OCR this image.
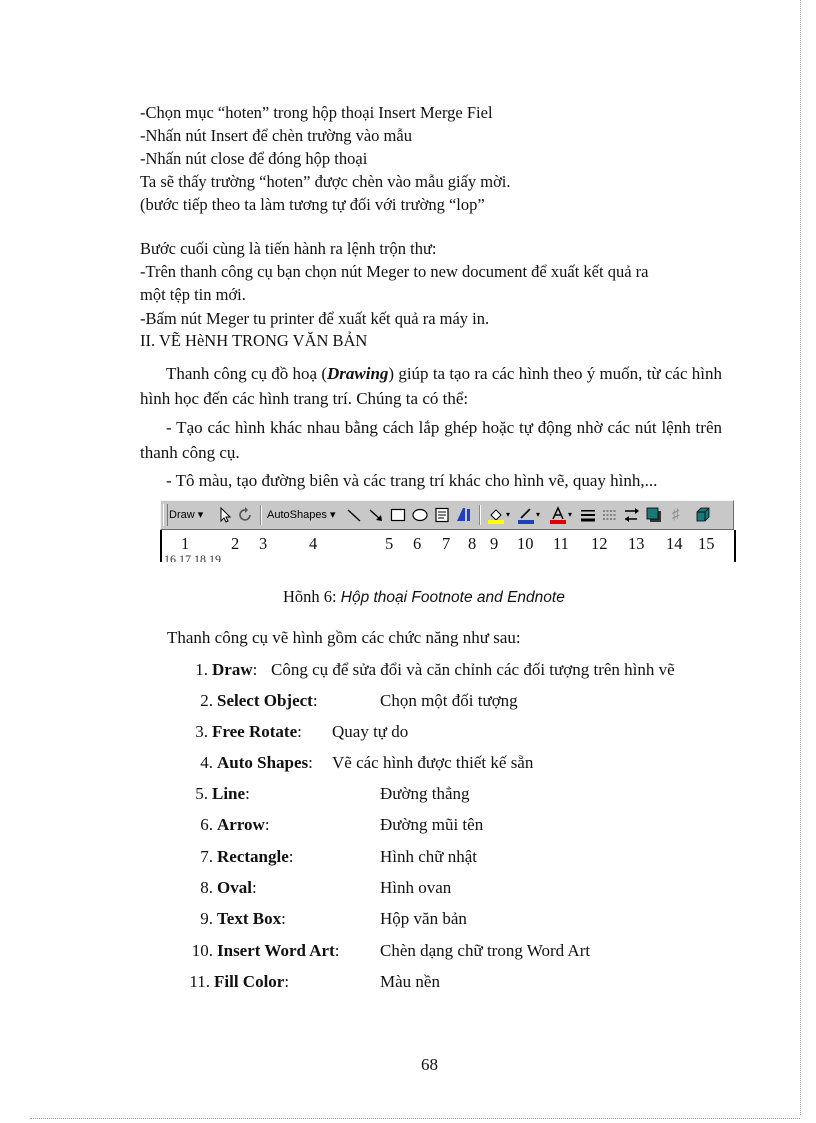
-Chọn mục “hoten” trong hộp thoại Insert Merge Fiel
-Nhấn nút Insert để chèn trường vào mẫu
-Nhấn nút close để đóng hộp thoại
Ta sẽ thấy trường “hoten” được chèn vào mẫu giấy mời.
(bước tiếp theo ta làm tương tự đối với trường “lop”
Bước cuối cùng là tiến hành ra lệnh trộn thư:
-Trên thanh công cụ bạn chọn nút Meger to new document để xuất kết quả ra
một tệp tin mới.
-Bấm nút Meger tu printer để xuất kết quả ra máy in.
II. VẼ HèNH TRONG VĂN BẢN
Thanh công cụ đồ hoạ (Drawing) giúp ta tạo ra các hình theo ý muốn, từ các hình hình học đến các hình trang trí. Chúng ta có thể:
- Tạo các hình khác nhau bằng cách lắp ghép hoặc tự động nhờ các nút lệnh trên thanh công cụ.
- Tô màu, tạo đường biên và các trang trí khác cho hình vẽ, quay hình,...
Draw ▾	AutoShapes ▾	▾	▾	▾	♯
1	2 3	4	5 6 7 8 9 10 11 12 13 14 15
16 17 18 19
Hõnh 6: Hộp thoại Footnote and Endnote
Thanh công cụ vẽ hình gồm các chức năng như sau:
1. Draw: Công cụ để sửa đổi và căn chỉnh các đối tượng trên hình vẽ
2. Select Object:	Chọn một đối tượng
3. Free Rotate: Quay tự do
4. Auto Shapes: Vẽ các hình được thiết kế sẵn
5. Line:	Đường thẳng
6. Arrow:	Đường mũi tên
7. Rectangle:	Hình chữ nhật
8. Oval:	Hình ovan
9. Text Box:	Hộp văn bản
10. Insert Word Art: Chèn dạng chữ trong Word Art
11. Fill Color:	Màu nền
68
